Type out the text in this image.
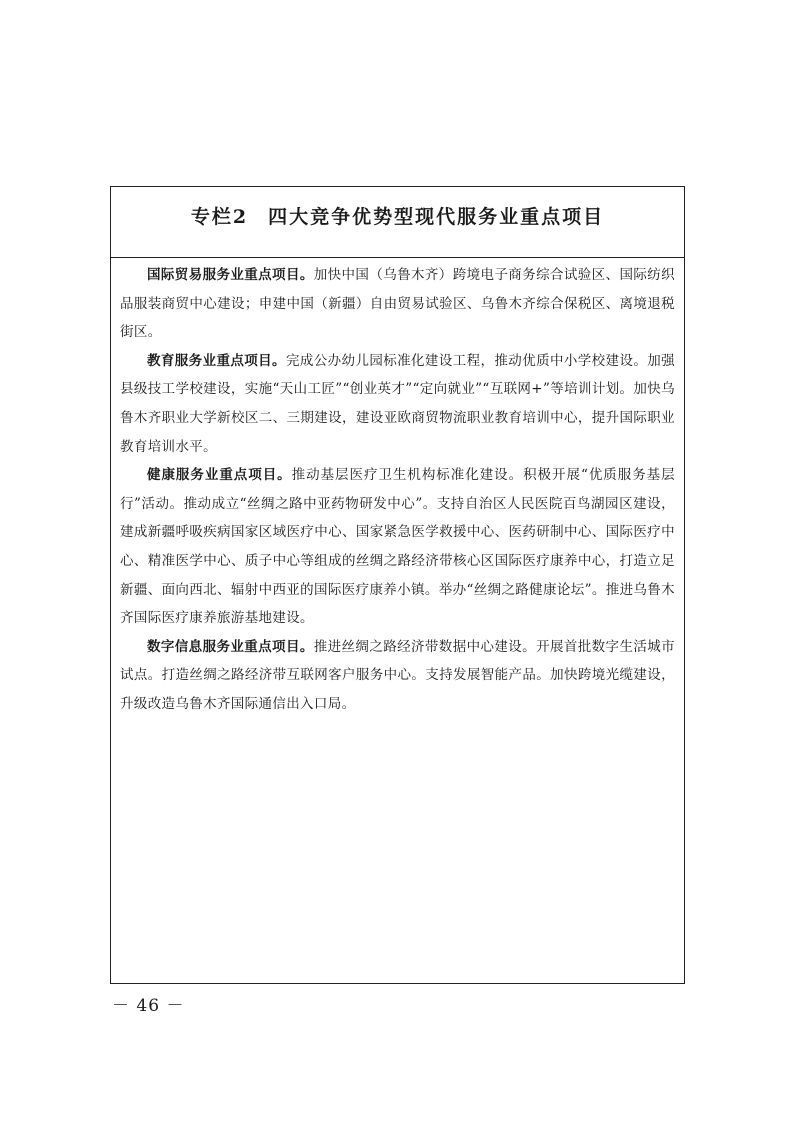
专栏2 四大竞争优势型现代服务业重点项目

国际贸易服务业重点项目。加快中国（乌鲁木齐）跨境电子商务综合试验区、国际纺织品服装商贸中心建设；申建中国（新疆）自由贸易试验区、乌鲁木齐综合保税区、离境退税街区。

教育服务业重点项目。完成公办幼儿园标准化建设工程，推动优质中小学校建设。加强县级技工学校建设，实施“天山工匠”“创业英才”“定向就业”“互联网+”等培训计划。加快乌鲁木齐职业大学新校区二、三期建设，建设亚欧商贸物流职业教育培训中心，提升国际职业教育培训水平。

健康服务业重点项目。推动基层医疗卫生机构标准化建设。积极开展“优质服务基层行”活动。推动成立“丝绸之路中亚药物研发中心”。支持自治区人民医院百鸟湖园区建设，建成新疆呼吸疾病国家区域医疗中心、国家紧急医学救援中心、医药研制中心、国际医疗中心、精准医学中心、质子中心等组成的丝绸之路经济带核心区国际医疗康养中心，打造立足新疆、面向西北、辐射中西亚的国际医疗康养小镇。举办“丝绸之路健康论坛”。推进乌鲁木齐国际医疗康养旅游基地建设。

数字信息服务业重点项目。推进丝绸之路经济带数据中心建设。开展首批数字生活城市试点。打造丝绸之路经济带互联网客户服务中心。支持发展智能产品。加快跨境光缆建设，升级改造乌鲁木齐国际通信出入口局。

－ 46 －
